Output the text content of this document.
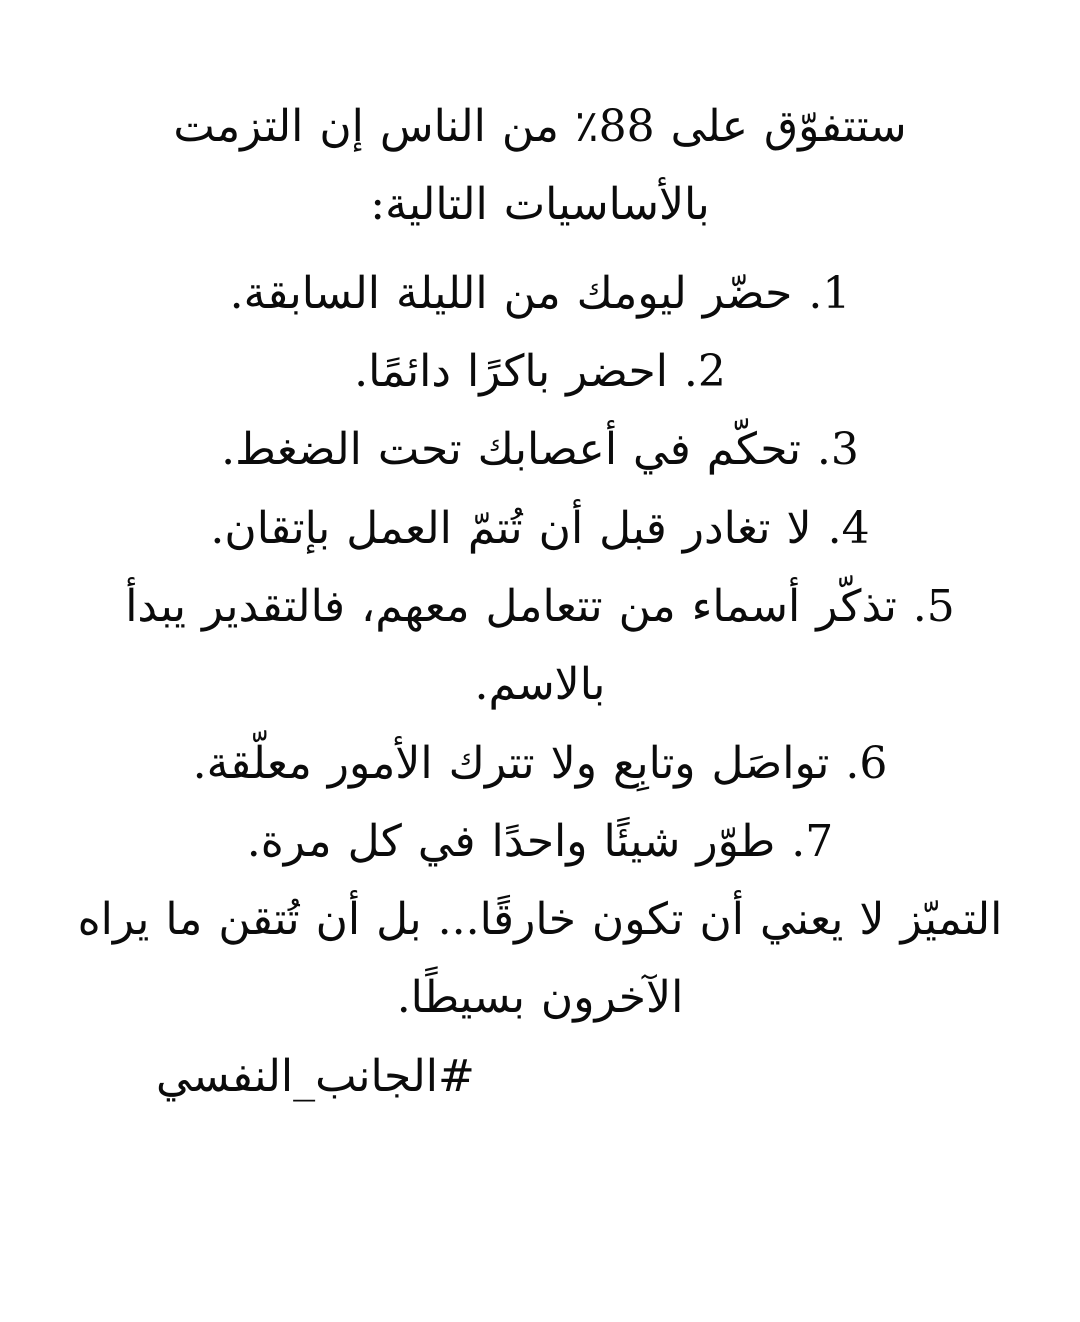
ستتفوّق على 88٪ من الناس إن التزمت بالأساسيات التالية:

1. حضّر ليومك من الليلة السابقة.

2. احضر باكرًا دائمًا.

3. تحكّم في أعصابك تحت الضغط.

4. لا تغادر قبل أن تُتمّ العمل بإتقان.

5. تذكّر أسماء من تتعامل معهم، فالتقدير يبدأ بالاسم.

6. تواصَل وتابِع ولا تترك الأمور معلّقة.

7. طوّر شيئًا واحدًا في كل مرة.

التميّز لا يعني أن تكون خارقًا... بل أن تُتقن ما يراه الآخرون بسيطًا.

#الجانب_النفسي
